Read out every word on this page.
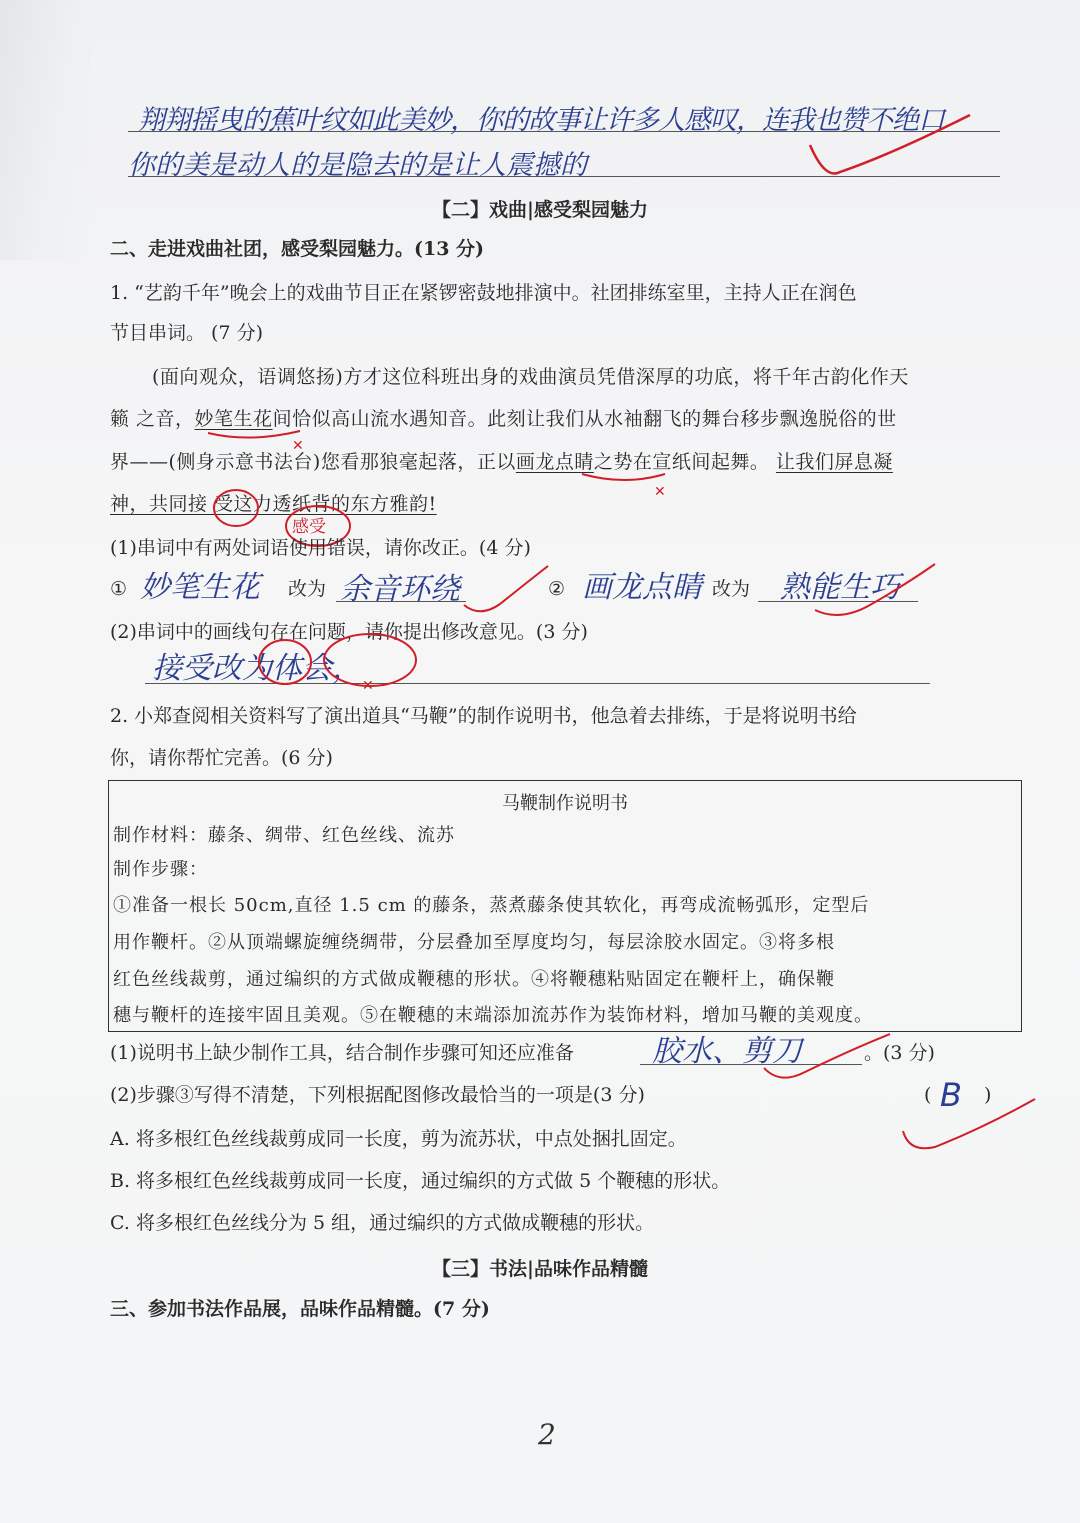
翔翔摇曳的蕉叶纹如此美妙，你的故事让许多人感叹，连我也赞不绝口
你的美是动人的是隐去的是让人震撼的
【二】戏曲|感受梨园魅力
二、走进戏曲社团，感受梨园魅力。(13 分)
1. “艺韵千年”晚会上的戏曲节目正在紧锣密鼓地排演中。社团排练室里，主持人正在润色
节目串词。 (7 分)
(面向观众，语调悠扬)方才这位科班出身的戏曲演员凭借深厚的功底，将千年古韵化作天
籁 之音，妙笔生花间恰似高山流水遇知音。此刻让我们从水袖翻飞的舞台移步飘逸脱俗的世
界——(侧身示意书法台)您看那狼毫起落，正以画龙点睛之势在宣纸间起舞。 让我们屏息凝
神，共同接 受这力透纸背的东方雅韵!
✕
✕
感受
(1)串词中有两处词语使用错误，请你改正。(4 分)
① 妙笔生花 改为 余音环绕	② 画龙点睛 改为 熟能生巧
(2)串词中的画线句存在问题，请你提出修改意见。(3 分)
接受改为体会， ✕
2. 小郑查阅相关资料写了演出道具“马鞭”的制作说明书，他急着去排练，于是将说明书给
你，请你帮忙完善。(6 分)
马鞭制作说明书
制作材料：藤条、绸带、红色丝线、流苏
制作步骤：
①准备一根长 50cm,直径 1.5 cm 的藤条，蒸煮藤条使其软化，再弯成流畅弧形，定型后
用作鞭杆。②从顶端螺旋缠绕绸带，分层叠加至厚度均匀，每层涂胶水固定。③将多根
红色丝线裁剪，通过编织的方式做成鞭穗的形状。④将鞭穗粘贴固定在鞭杆上，确保鞭
穗与鞭杆的连接牢固且美观。⑤在鞭穗的末端添加流苏作为装饰材料，增加马鞭的美观度。
(1)说明书上缺少制作工具，结合制作步骤可知还应准备	胶水、剪刀	。(3 分)
(2)步骤③写得不清楚，下列根据配图修改最恰当的一项是(3 分)	( B )
A. 将多根红色丝线裁剪成同一长度，剪为流苏状，中点处捆扎固定。
B. 将多根红色丝线裁剪成同一长度，通过编织的方式做 5 个鞭穗的形状。
C. 将多根红色丝线分为 5 组，通过编织的方式做成鞭穗的形状。
【三】书法|品味作品精髓
三、参加书法作品展，品味作品精髓。(7 分)
2
